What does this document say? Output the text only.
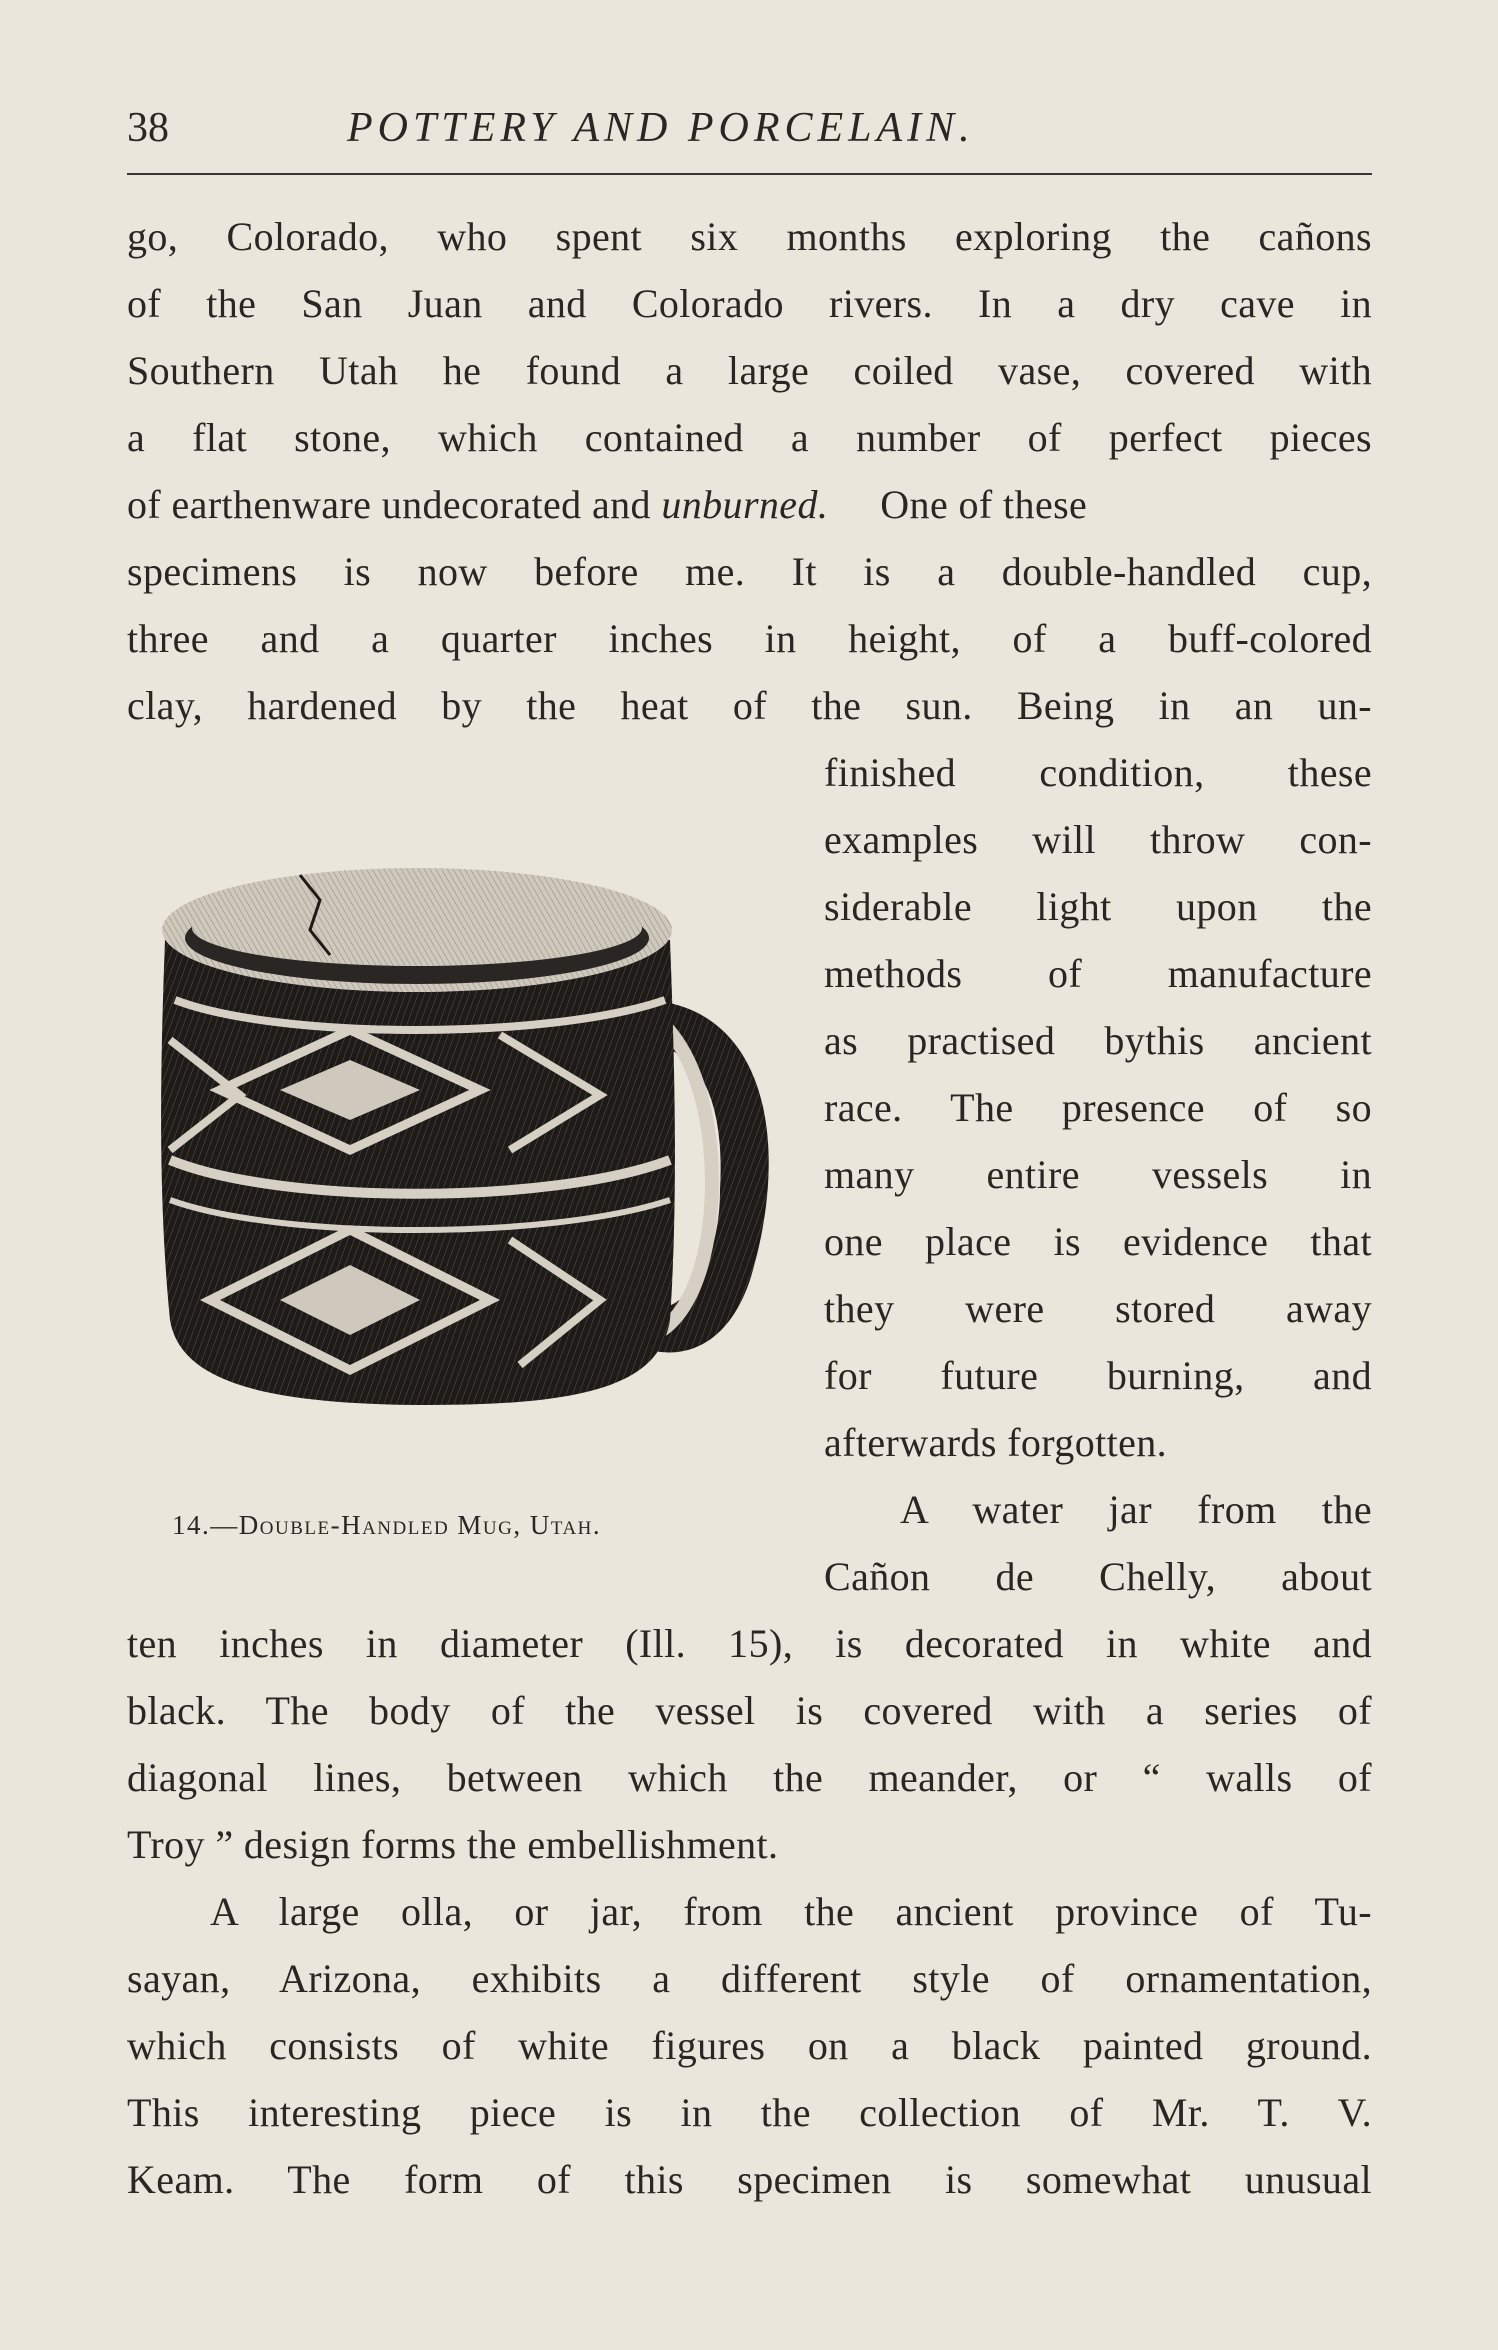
38	POTTERY AND PORCELAIN.
go, Colorado, who spent six months exploring the cañons
of the San Juan and Colorado rivers. In a dry cave in
Southern Utah he found a large coiled vase, covered with
a flat stone, which contained a number of perfect pieces
of earthenware undecorated and unburned. One of these
specimens is now before me. It is a double-handled cup,
three and a quarter inches in height, of a buff-colored
clay, hardened by the heat of the sun. Being in an un-
finished condition, these
examples will throw con-
siderable light upon the
methods of manufacture
as practised bythis ancient
race. The presence of so
many entire vessels in
one place is evidence that
they were stored away
for future burning, and
afterwards forgotten.
A water jar from the
Cañon de Chelly, about
ten inches in diameter (Ill. 15), is decorated in white and
black. The body of the vessel is covered with a series of
diagonal lines, between which the meander, or “ walls of
Troy ” design forms the embellishment.
A large olla, or jar, from the ancient province of Tu-
sayan, Arizona, exhibits a different style of ornamentation,
which consists of white figures on a black painted ground.
This interesting piece is in the collection of Mr. T. V.
Keam. The form of this specimen is somewhat unusual
14.—Double-Handled Mug, Utah.
